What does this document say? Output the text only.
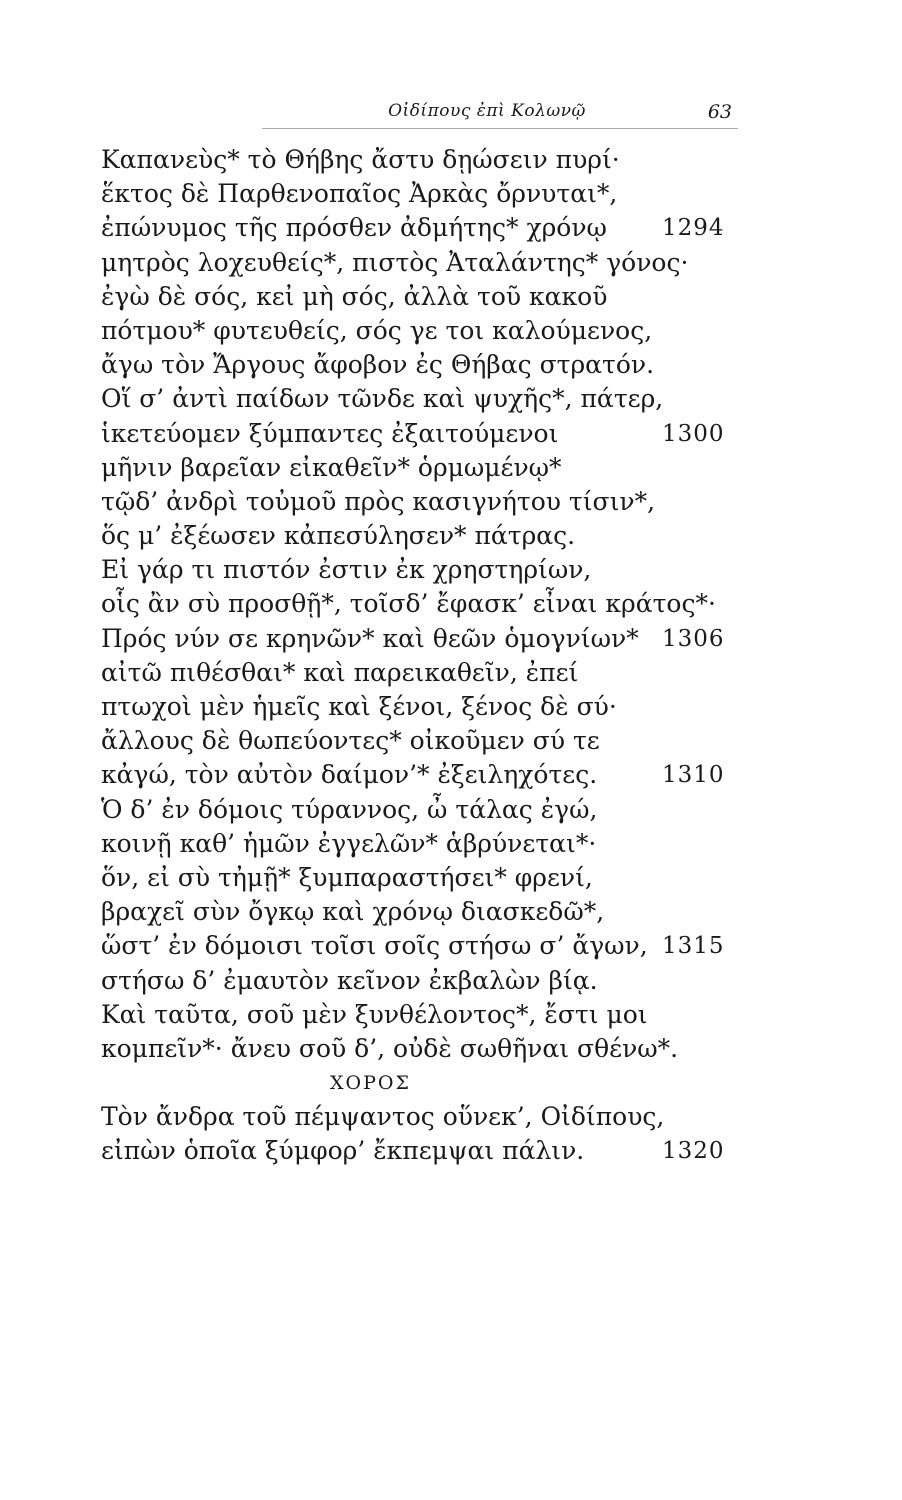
Οἰδίπους ἐπὶ Κολωνῷ	63
Καπανεὺς* τὸ Θήβης ἄστυ δῃώσειν πυρί·
ἕκτος δὲ Παρθενοπαῖος Ἀρκὰς ὄρνυται*,
ἐπώνυμος τῆς πρόσθεν ἀδμήτης* χρόνῳ 1294
μητρὸς λοχευθείς*, πιστὸς Ἀταλάντης* γόνος·
ἐγὼ δὲ σός, κεἰ μὴ σός, ἀλλὰ τοῦ κακοῦ
πότμου* φυτευθείς, σός γε τοι καλούμενος,
ἄγω τὸν Ἄργους ἄφοβον ἐς Θήβας στρατόν.
Οἵ σ’ ἀντὶ παίδων τῶνδε καὶ ψυχῆς*, πάτερ,
ἱκετεύομεν ξύμπαντες ἐξαιτούμενοι	1300
μῆνιν βαρεῖαν εἰκαθεῖν* ὁρμωμένῳ*
τῷδ’ ἀνδρὶ τοὐμοῦ πρὸς κασιγνήτου τίσιν*,
ὅς μ’ ἐξέωσεν κἀπεσύλησεν* πάτρας.
Εἰ γάρ τι πιστόν ἐστιν ἐκ χρηστηρίων,
οἷς ἂν σὺ προσθῇ*, τοῖσδ’ ἔφασκ’ εἶναι κράτος*·
Πρός νύν σε κρηνῶν* καὶ θεῶν ὁμογνίων* 1306
αἰτῶ πιθέσθαι* καὶ παρεικαθεῖν, ἐπεί
πτωχοὶ μὲν ἡμεῖς καὶ ξένοι, ξένος δὲ σύ·
ἄλλους δὲ θωπεύοντες* οἰκοῦμεν σύ τε
κἀγώ, τὸν αὐτὸν δαίμον’* ἐξειληχότες.	1310
Ὁ δ’ ἐν δόμοις τύραννος, ὦ τάλας ἐγώ,
κοινῇ καθ’ ἡμῶν ἐγγελῶν* ἁβρύνεται*·
ὅν, εἰ σὺ τἠμῇ* ξυμπαραστήσει* φρενί,
βραχεῖ σὺν ὄγκῳ καὶ χρόνῳ διασκεδῶ*,
ὥστ’ ἐν δόμοισι τοῖσι σοῖς στήσω σ’ ἄγων, 1315
στήσω δ’ ἐμαυτὸν κεῖνον ἐκβαλὼν βίᾳ.
Καὶ ταῦτα, σοῦ μὲν ξυνθέλοντος*, ἔστι μοι
κομπεῖν*· ἄνευ σοῦ δ’, οὐδὲ σωθῆναι σθένω*.
ΧΟΡΟΣ
Τὸν ἄνδρα τοῦ πέμψαντος οὕνεκ’, Οἰδίπους,
εἰπὼν ὁποῖα ξύμφορ’ ἔκπεμψαι πάλιν.	1320
